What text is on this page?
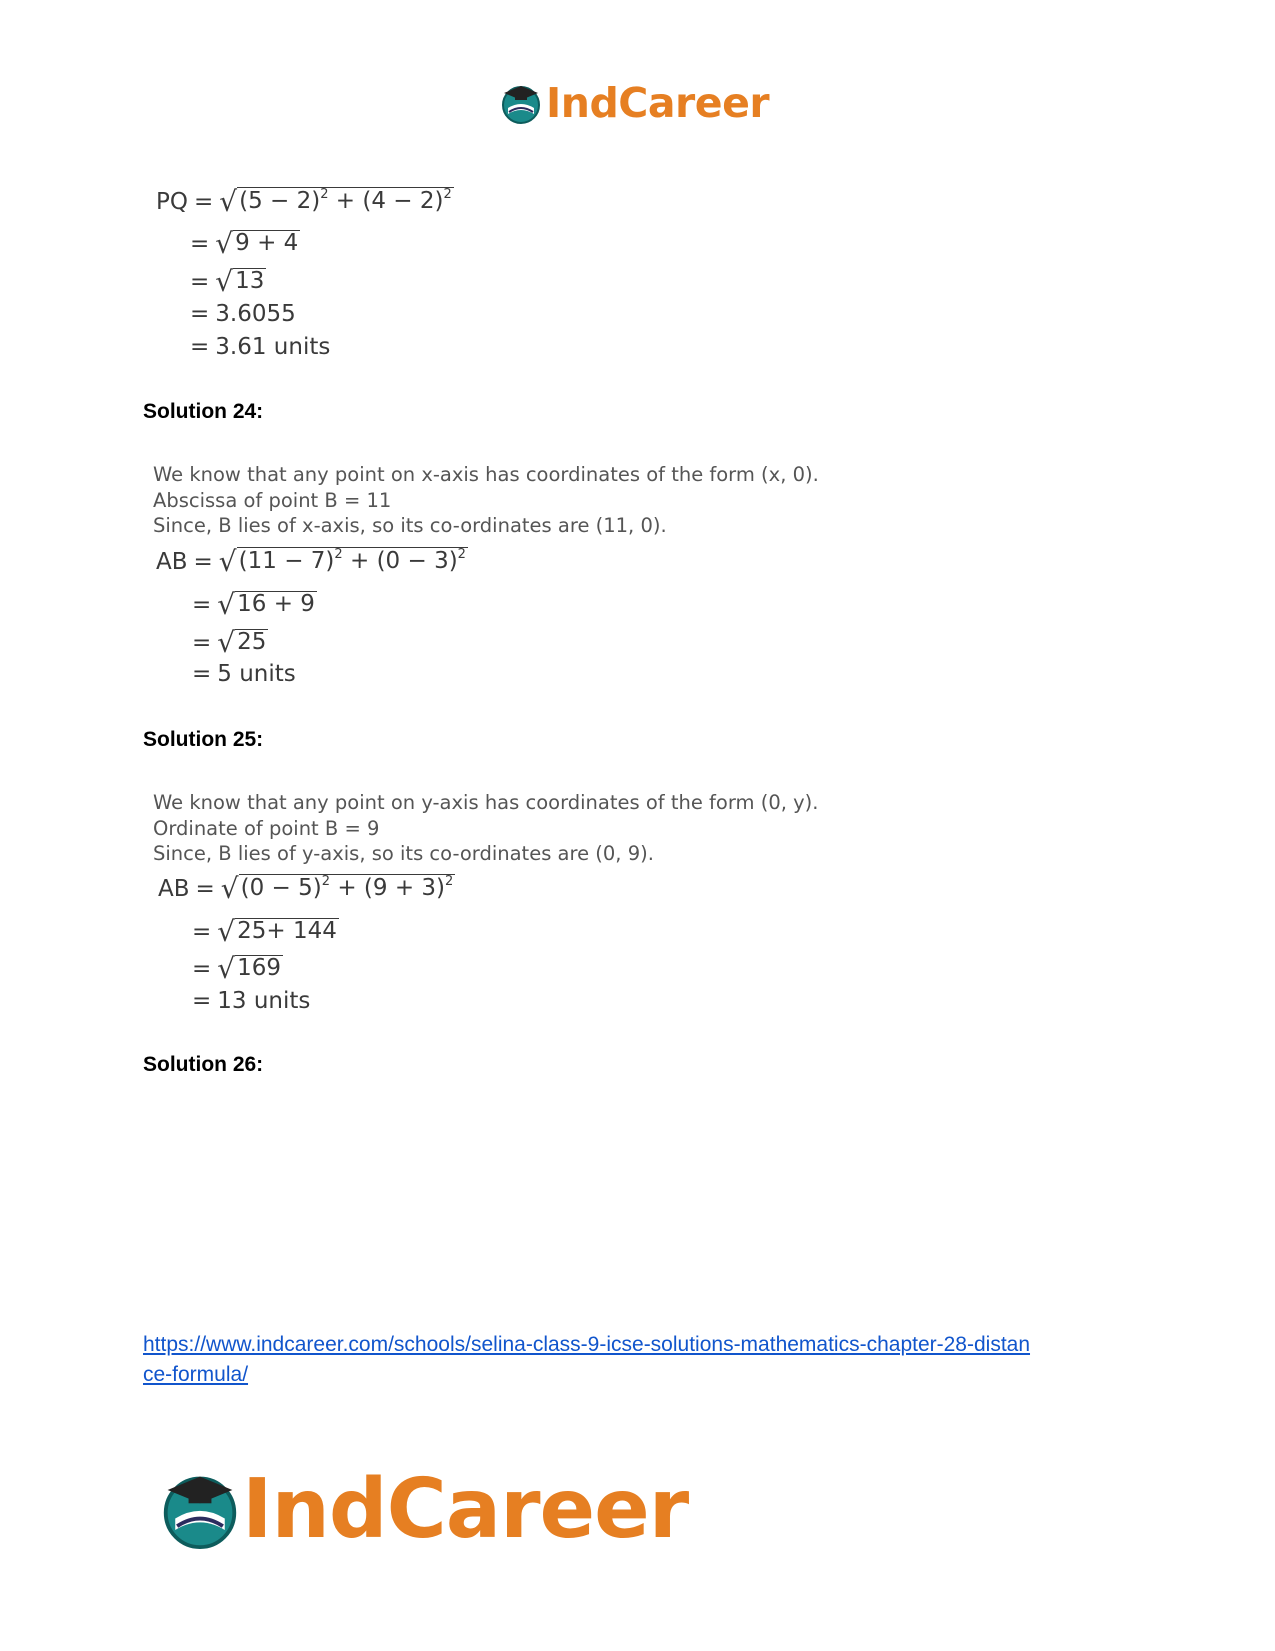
IndCareer
PQ = √ $(5 - 2)^2 + (4 - 2)^2$
= √ 9 + 4
= √ 13
= 3.6055
= 3.61 units
Solution 24:
We know that any point on x-axis has coordinates of the form (x, 0).
Abscissa of point B = 11
Since, B lies of x-axis, so its co-ordinates are (11, 0).
AB = √ $(11 - 7)^2 + (0 - 3)^2$
= √ 16 + 9
= √ 25
= 5 units
Solution 25:
We know that any point on y-axis has coordinates of the form (0, y).
Ordinate of point B = 9
Since, B lies of y-axis, so its co-ordinates are (0, 9).
AB = √ $(0 - 5)^2 + (9 + 3)^2$
= √ 25+ 144
= √ 169
= 13 units
Solution 26:
https://www.indcareer.com/schools/selina-class-9-icse-solutions-mathematics-chapter-28-distan
ce-formula/
IndCareer
